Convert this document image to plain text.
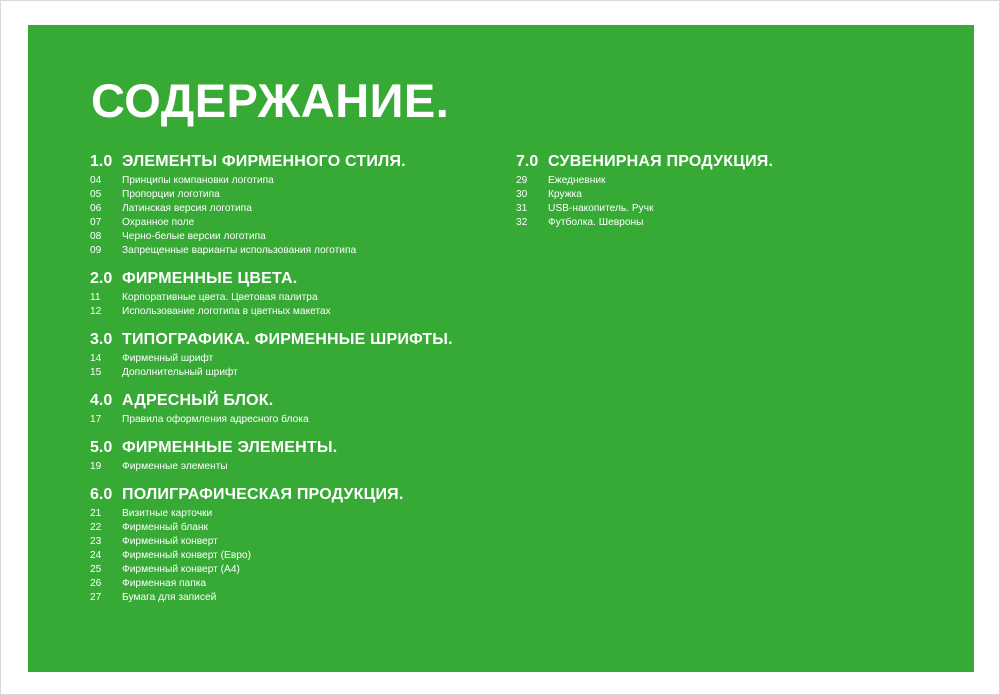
СОДЕРЖАНИЕ.
1.0 ЭЛЕМЕНТЫ ФИРМЕННОГО СТИЛЯ.
04	Принципы компановки логотипа
05	Пропорции логотипа
06	Латинская версия логотипа
07	Охранное поле
08	Черно-белые версии логотипа
09	Запрещенные варианты использования логотипа
2.0 ФИРМЕННЫЕ ЦВЕТА.
11	Корпоративные цвета. Цветовая палитра
12	Использование логотипа в цветных макетах
3.0 ТИПОГРАФИКА. ФИРМЕННЫЕ ШРИФТЫ.
14	Фирменный шрифт
15	Дополнительный шрифт
4.0 АДРЕСНЫЙ БЛОК.
17	Правила оформления адресного блока
5.0 ФИРМЕННЫЕ ЭЛЕМЕНТЫ.
19	Фирменные элементы
6.0 ПОЛИГРАФИЧЕСКАЯ ПРОДУКЦИЯ.
21	Визитные карточки
22	Фирменный бланк
23	Фирменный конверт
24	Фирменный конверт (Евро)
25	Фирменный конверт (А4)
26	Фирменная папка
27	Бумага для записей
7.0 СУВЕНИРНАЯ ПРОДУКЦИЯ.
29	Ежедневник
30	Кружка
31	USB-накопитель. Ручк
32	Футболка. Шевроны
